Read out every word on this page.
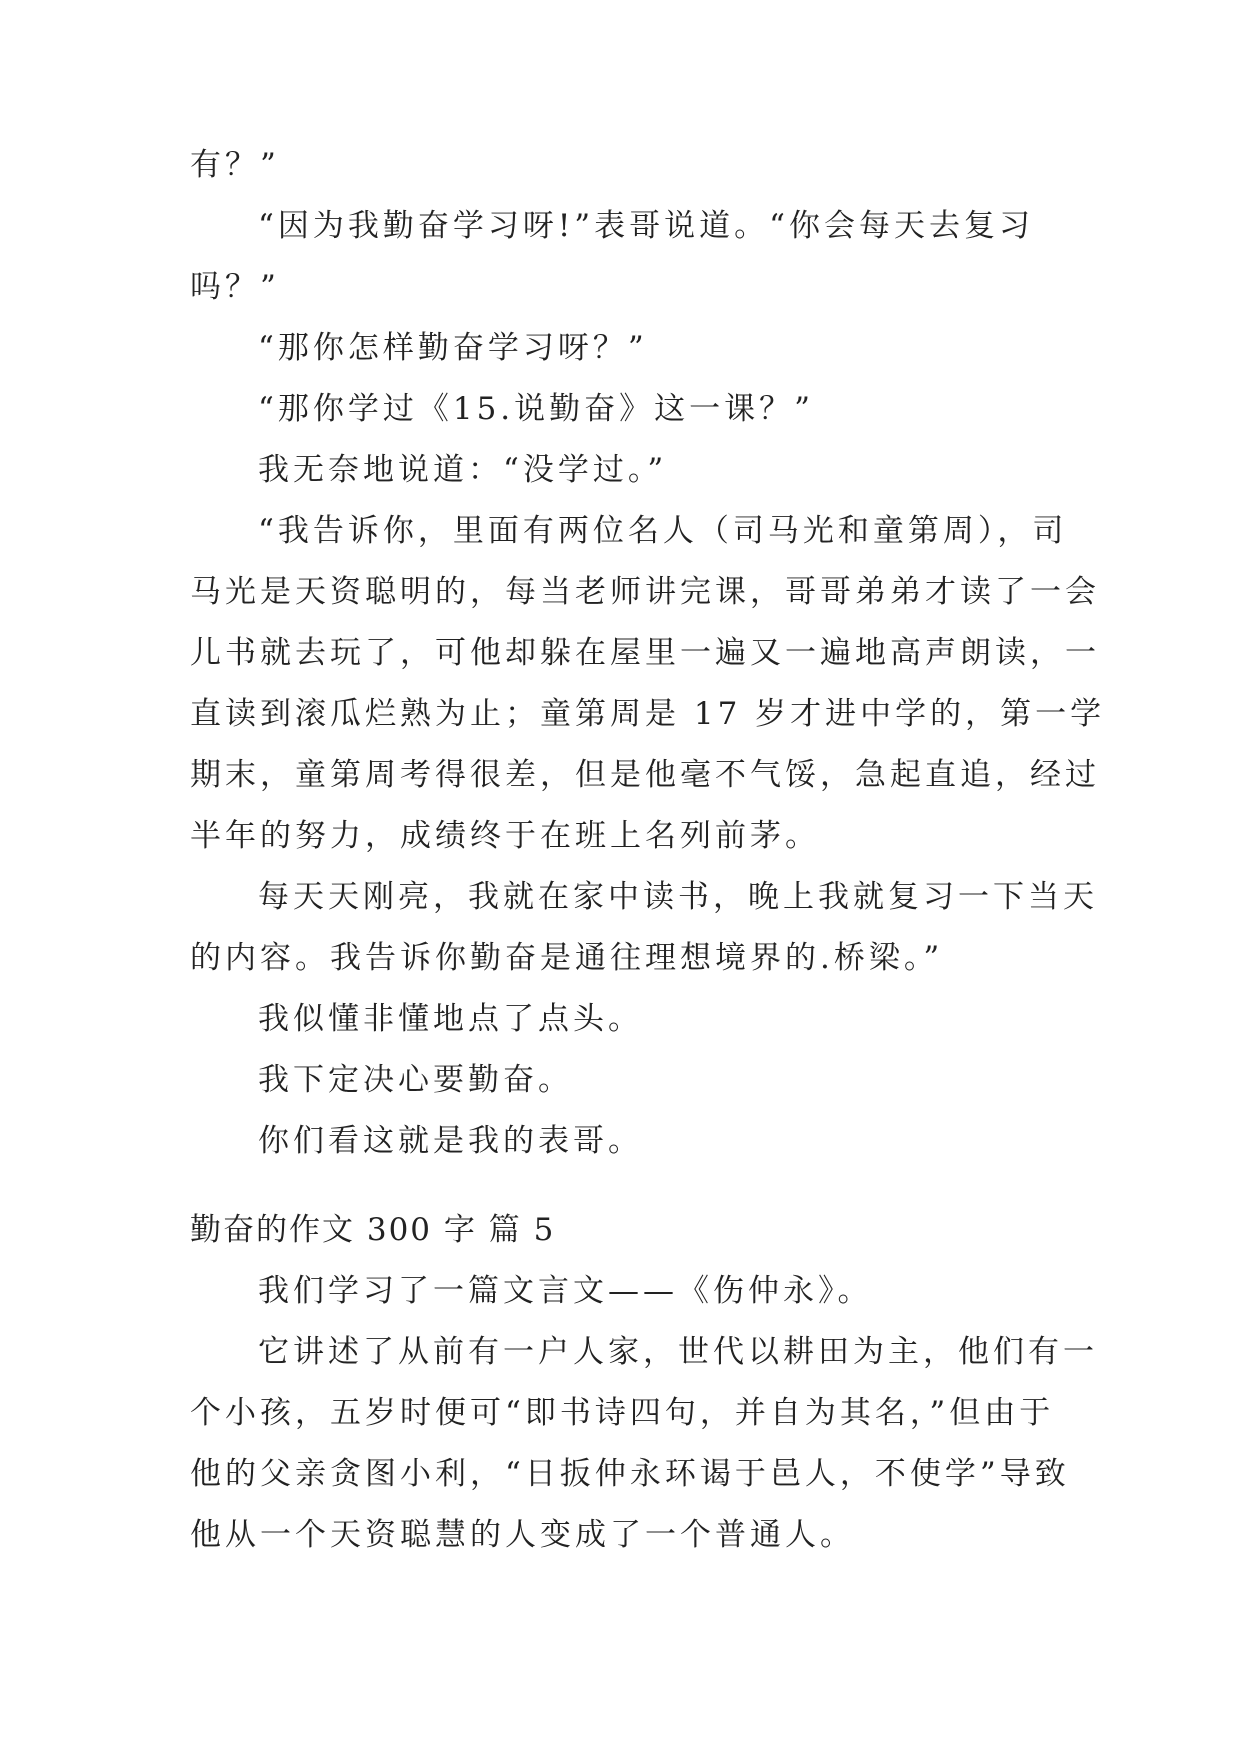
有？”
“因为我勤奋学习呀!”表哥说道。“你会每天去复习
吗？”
“那你怎样勤奋学习呀？”
“那你学过《15.说勤奋》这一课？”
我无奈地说道：“没学过。”
“我告诉你，里面有两位名人（司马光和童第周），司
马光是天资聪明的，每当老师讲完课，哥哥弟弟才读了一会
儿书就去玩了，可他却躲在屋里一遍又一遍地高声朗读，一
直读到滚瓜烂熟为止；童第周是 17 岁才进中学的，第一学
期末，童第周考得很差，但是他毫不气馁，急起直追，经过
半年的努力，成绩终于在班上名列前茅。
每天天刚亮，我就在家中读书，晚上我就复习一下当天
的内容。我告诉你勤奋是通往理想境界的.桥梁。”
我似懂非懂地点了点头。
我下定决心要勤奋。
你们看这就是我的表哥。
勤奋的作文 300 字 篇 5
我们学习了一篇文言文——《伤仲永》。
它讲述了从前有一户人家，世代以耕田为主，他们有一
个小孩，五岁时便可“即书诗四句，并自为其名，”但由于
他的父亲贪图小利，“日扳仲永环谒于邑人，不使学”导致
他从一个天资聪慧的人变成了一个普通人。
